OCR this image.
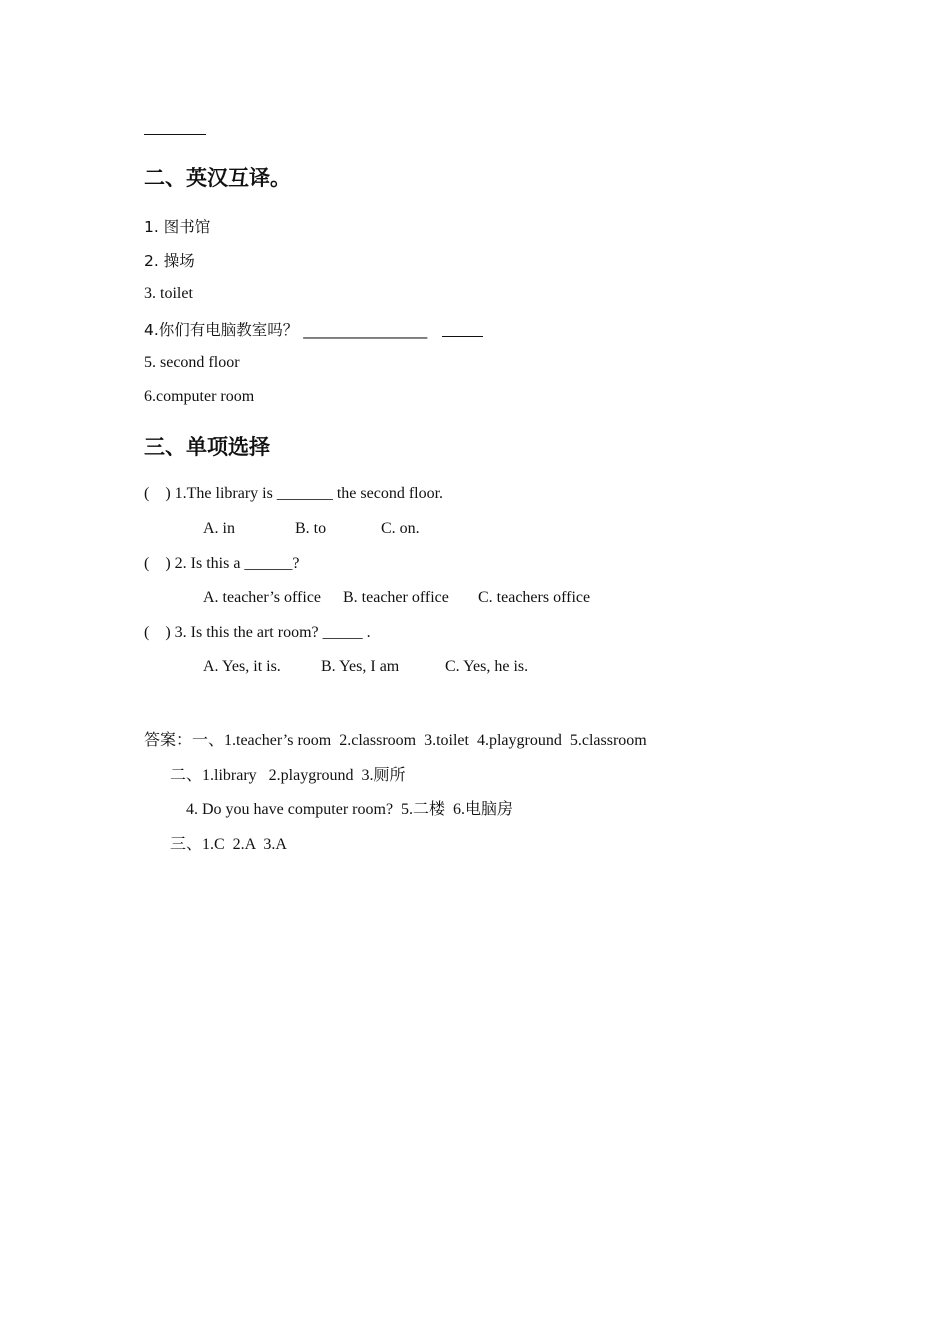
二、英汉互译。
1. 图书馆
2. 操场
3. toilet
4.你们有电脑教室吗？ ________________
5. second floor
6.computer room
三、单项选择
(    ) 1.The library is _______ the second floor.
A. in	B. to	C. on.
(    ) 2. Is this a ______?
A. teacher’s office B. teacher office C. teachers office
(    ) 3. Is this the art room? _____ .
A. Yes, it is.	B. Yes, I am	C. Yes, he is.
答案：一、1.teacher’s room  2.classroom  3.toilet  4.playground  5.classroom
二、1.library   2.playground  3.厕所
4. Do you have computer room?  5.二楼  6.电脑房
三、1.C  2.A  3.A
